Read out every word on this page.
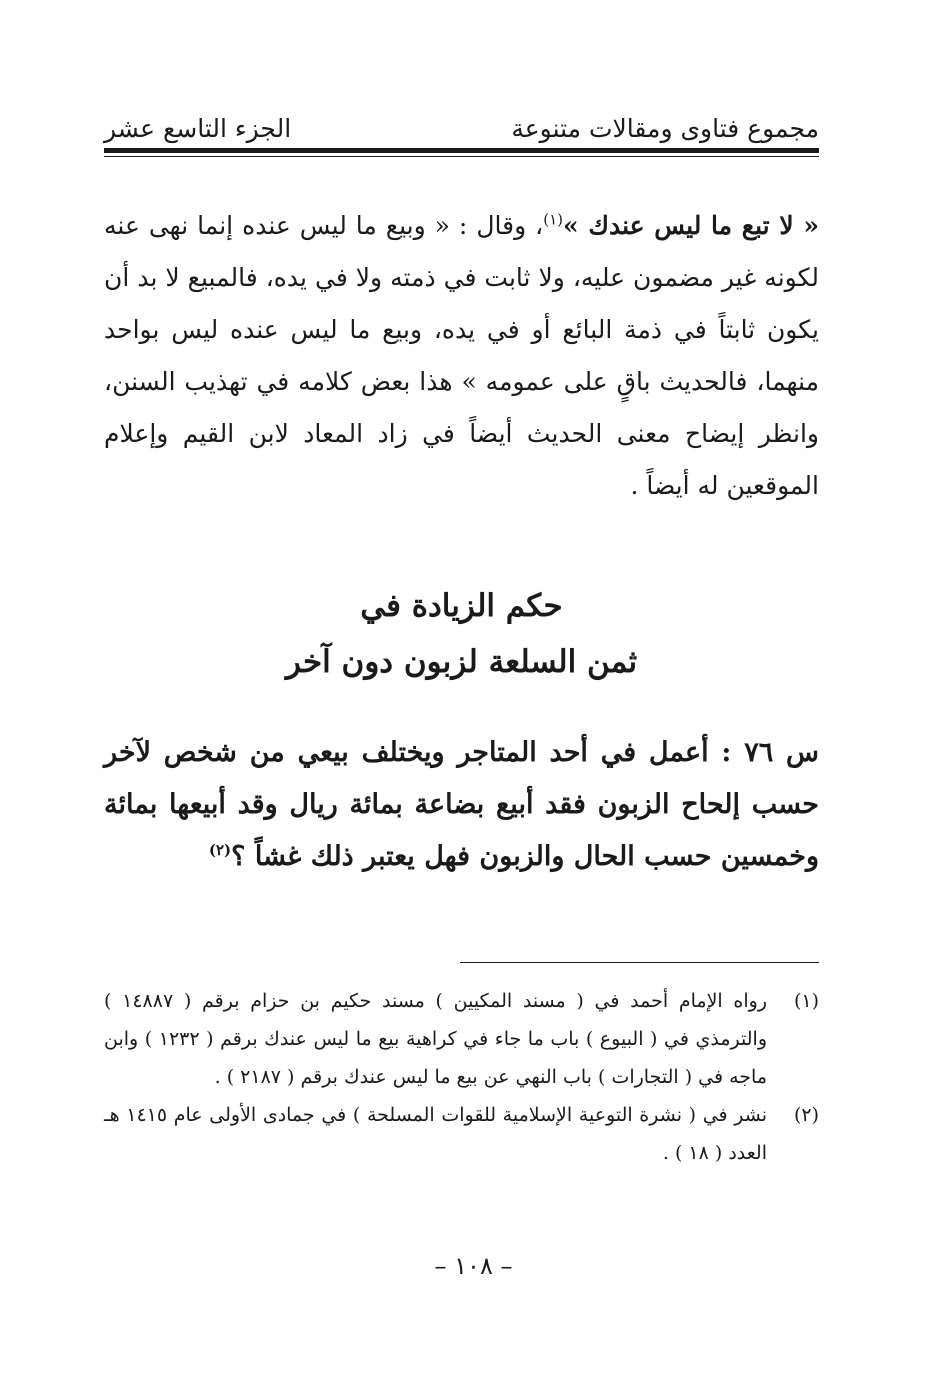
مجموع فتاوى ومقالات متنوعة
الجزء التاسع عشر

« لا تبع ما ليس عندك »$^{(١)}$، وقال : « وبيع ما ليس عنده إنما نهى عنه لكونه غير مضمون عليه، ولا ثابت في ذمته ولا في يده، فالمبيع لا بد أن يكون ثابتاً في ذمة البائع أو في يده، وبيع ما ليس عنده ليس بواحد منهما، فالحديث باقٍ على عمومه » هذا بعض كلامه في تهذيب السنن، وانظر إيضاح معنى الحديث أيضاً في زاد المعاد لابن القيم وإعلام الموقعين له أيضاً .

حكم الزيادة في
ثمن السلعة لزبون دون آخر
س ٧٦ : أعمل في أحد المتاجر ويختلف بيعي من شخص لآخر حسب إلحاح الزبون فقد أبيع بضاعة بمائة ريال وقد أبيعها بمائة وخمسين حسب الحال والزبون فهل يعتبر ذلك غشاً ؟$^{(٢)}$
(١)
رواه الإمام أحمد في ( مسند المكيين ) مسند حكيم بن حزام برقم ( ١٤٨٨٧ ) والترمذي في ( البيوع ) باب ما جاء في كراهية بيع ما ليس عندك برقم ( ١٢٣٢ ) وابن ماجه في ( التجارات ) باب النهي عن بيع ما ليس عندك برقم ( ٢١٨٧ ) .
(٢)
نشر في ( نشرة التوعية الإسلامية للقوات المسلحة ) في جمادى الأولى عام ١٤١٥ هـ العدد ( ١٨ ) .
– ١٠٨ –
